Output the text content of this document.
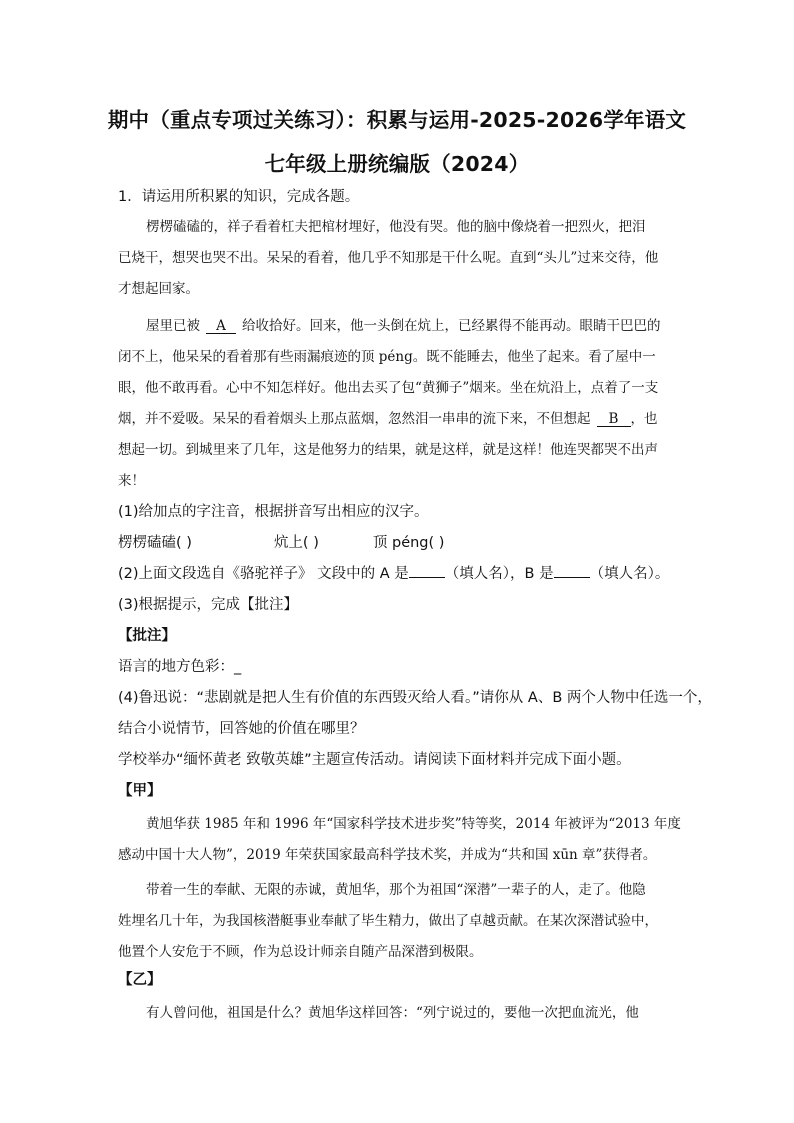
期中（重点专项过关练习）：积累与运用-2025-2026学年语文
七年级上册统编版（2024）
1．请运用所积累的知识，完成各题。
楞楞磕磕的，祥子看着杠夫把棺材埋好，他没有哭。他的脑中像烧着一把烈火，把泪
已烧干，想哭也哭不出。呆呆的看着，他几乎不知那是干什么呢。直到“头儿”过来交待，他
才想起回家。
屋里已被 A 给收拾好。回来，他一头倒在炕上，已经累得不能再动。眼睛干巴巴的
闭不上，他呆呆的看着那有些雨漏痕迹的顶 péng。既不能睡去，他坐了起来。看了屋中一
眼，他不敢再看。心中不知怎样好。他出去买了包“黄狮子”烟来。坐在炕沿上，点着了一支
烟，并不爱吸。呆呆的看着烟头上那点蓝烟，忽然泪一串串的流下来，不但想起 B ，也
想起一切。到城里来了几年，这是他努力的结果，就是这样，就是这样！他连哭都哭不出声
来！
(1)给加点的字注音，根据拼音写出相应的汉字。
楞楞磕磕( )	炕上( )	顶 péng( )
(2)上面文段选自《骆驼祥子》 文段中的 A 是 （填人名），B 是 （填人名）。
(3)根据提示，完成【批注】
【批注】
语言的地方色彩：_
(4)鲁迅说：“悲剧就是把人生有价值的东西毁灭给人看。”请你从 A、B 两个人物中任选一个，
结合小说情节，回答她的价值在哪里？
学校举办“缅怀黄老 致敬英雄”主题宣传活动。请阅读下面材料并完成下面小题。
【甲】
黄旭华获 1985 年和 1996 年“国家科学技术进步奖”特等奖，2014 年被评为“2013 年度
感动中国十大人物”，2019 年荣获国家最高科学技术奖，并成为“共和国 xūn 章”获得者。
带着一生的奉献、无限的赤诚，黄旭华，那个为祖国“深潜”一辈子的人，走了。他隐
姓埋名几十年，为我国核潜艇事业奉献了毕生精力，做出了卓越贡献。在某次深潜试验中，
他置个人安危于不顾，作为总设计师亲自随产品深潜到极限。
【乙】
有人曾问他，祖国是什么？黄旭华这样回答：“列宁说过的，要他一次把血流光，他
